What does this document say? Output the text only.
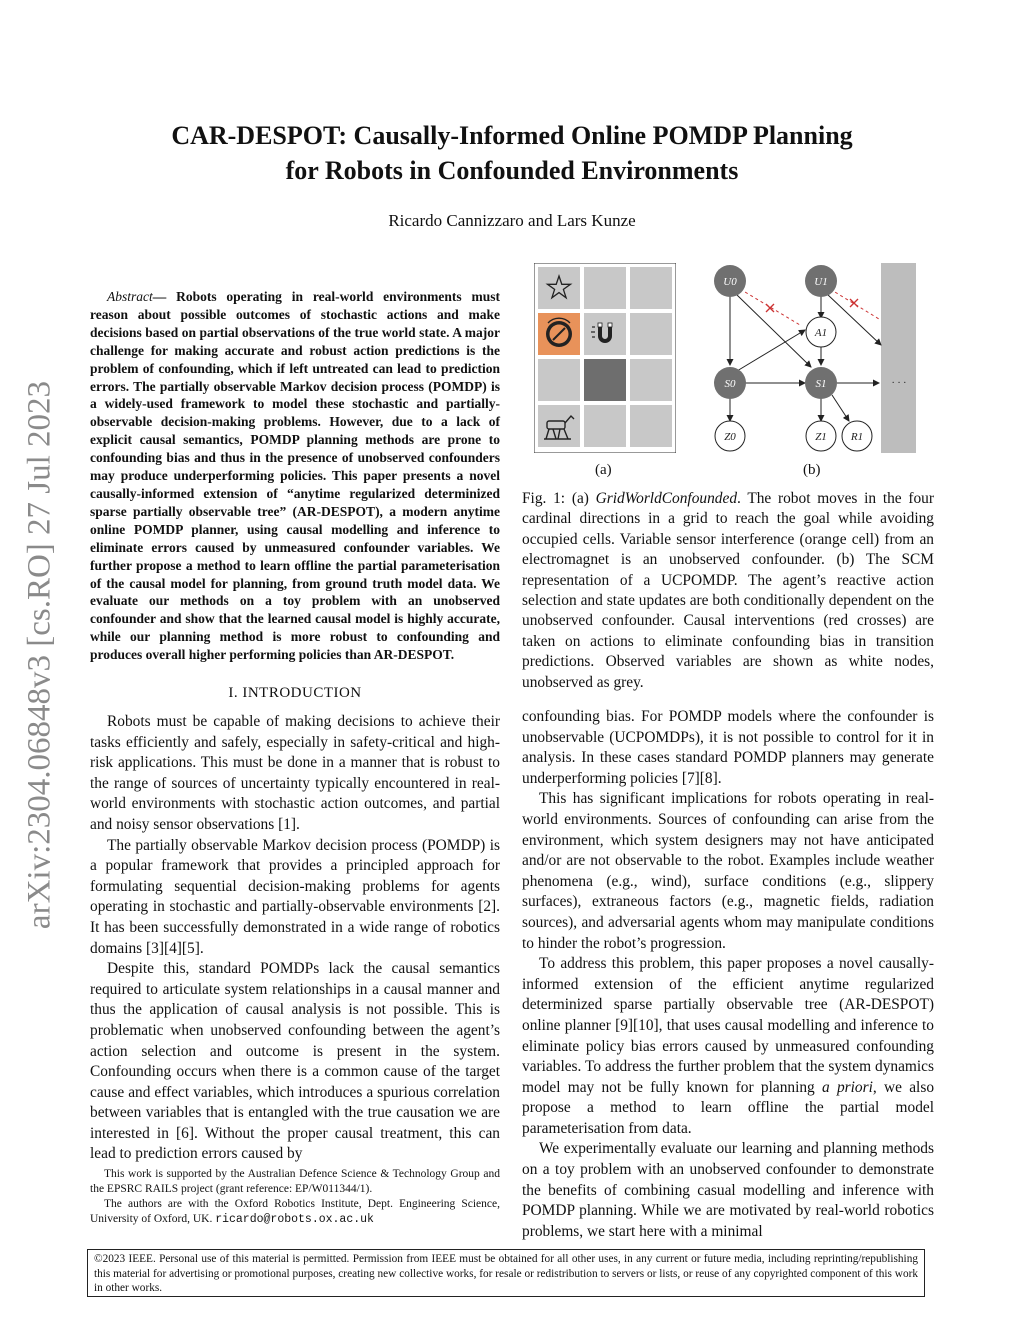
arXiv:2304.06848v3 [cs.RO] 27 Jul 2023
CAR-DESPOT: Causally-Informed Online POMDP Planning
for Robots in Confounded Environments
Ricardo Cannizzaro and Lars Kunze
Abstract— Robots operating in real-world environments must reason about possible outcomes of stochastic actions and make decisions based on partial observations of the true world state. A major challenge for making accurate and robust action predictions is the problem of confounding, which if left untreated can lead to prediction errors. The partially observable Markov decision process (POMDP) is a widely-used framework to model these stochastic and partially-observable decision-making problems. However, due to a lack of explicit causal semantics, POMDP planning methods are prone to confounding bias and thus in the presence of unobserved confounders may produce underperforming policies. This paper presents a novel causally-informed extension of “anytime regularized determinized sparse partially observable tree” (AR-DESPOT), a modern anytime online POMDP planner, using causal modelling and inference to eliminate errors caused by unmeasured confounder variables. We further propose a method to learn offline the partial parameterisation of the causal model for planning, from ground truth model data. We evaluate our methods on a toy problem with an unobserved confounder and show that the learned causal model is highly accurate, while our planning method is more robust to confounding and produces overall higher performing policies than AR-DESPOT.
I. INTRODUCTION

Robots must be capable of making decisions to achieve their tasks efficiently and safely, especially in safety-critical and high-risk applications. This must be done in a manner that is robust to the range of sources of uncertainty typically encountered in real-world environments with stochastic action outcomes, and partial and noisy sensor observations [1].

The partially observable Markov decision process (POMDP) is a popular framework that provides a principled approach for formulating sequential decision-making problems for agents operating in stochastic and partially-observable environments [2]. It has been successfully demonstrated in a wide range of robotics domains [3][4][5].

Despite this, standard POMDPs lack the causal semantics required to articulate system relationships in a causal manner and thus the application of causal analysis is not possible. This is problematic when unobserved confounding between the agent’s action selection and outcome is present in the system. Confounding occurs when there is a common cause of the target cause and effect variables, which introduces a spurious correlation between variables that is entangled with the true causation we are interested in [6]. Without the proper causal treatment, this can lead to prediction errors caused by

This work is supported by the Australian Defence Science & Technology Group and the EPSRC RAILS project (grant reference: EP/W011344/1).

The authors are with the Oxford Robotics Institute, Dept. Engineering Science, University of Oxford, UK. ricardo@robots.ox.ac.uk

(a)
U0	U1
A1
S0	S1
Z0	Z1 R1
· · ·
(b)
Fig. 1: (a) GridWorldConfounded. The robot moves in the four cardinal directions in a grid to reach the goal while avoiding occupied cells. Variable sensor interference (orange cell) from an electromagnet is an unobserved confounder. (b) The SCM representation of a UCPOMDP. The agent’s reactive action selection and state updates are both conditionally dependent on the unobserved confounder. Causal interventions (red crosses) are taken on actions to eliminate confounding bias in transition predictions. Observed variables are shown as white nodes, unobserved as grey.

confounding bias. For POMDP models where the confounder is unobservable (UCPOMDPs), it is not possible to control for it in analysis. In these cases standard POMDP planners may generate underperforming policies [7][8].

This has significant implications for robots operating in real-world environments. Sources of confounding can arise from the environment, which system designers may not have anticipated and/or are not observable to the robot. Examples include weather phenomena (e.g., wind), surface conditions (e.g., slippery surfaces), extraneous factors (e.g., magnetic fields, radiation sources), and adversarial agents whom may manipulate conditions to hinder the robot’s progression.

To address this problem, this paper proposes a novel causally-informed extension of the efficient anytime regularized determinized sparse partially observable tree (AR-DESPOT) online planner [9][10], that uses causal modelling and inference to eliminate policy bias errors caused by unmeasured confounding variables. To address the further problem that the system dynamics model may not be fully known for planning a priori, we also propose a method to learn offline the partial model parameterisation from data.

We experimentally evaluate our learning and planning methods on a toy problem with an unobserved confounder to demonstrate the benefits of combining casual modelling and inference with POMDP planning. While we are motivated by real-world robotics problems, we start here with a minimal

©2023 IEEE. Personal use of this material is permitted. Permission from IEEE must be obtained for all other uses, in any current or future media, including reprinting/republishing this material for advertising or promotional purposes, creating new collective works, for resale or redistribution to servers or lists, or reuse of any copyrighted component of this work in other works.
